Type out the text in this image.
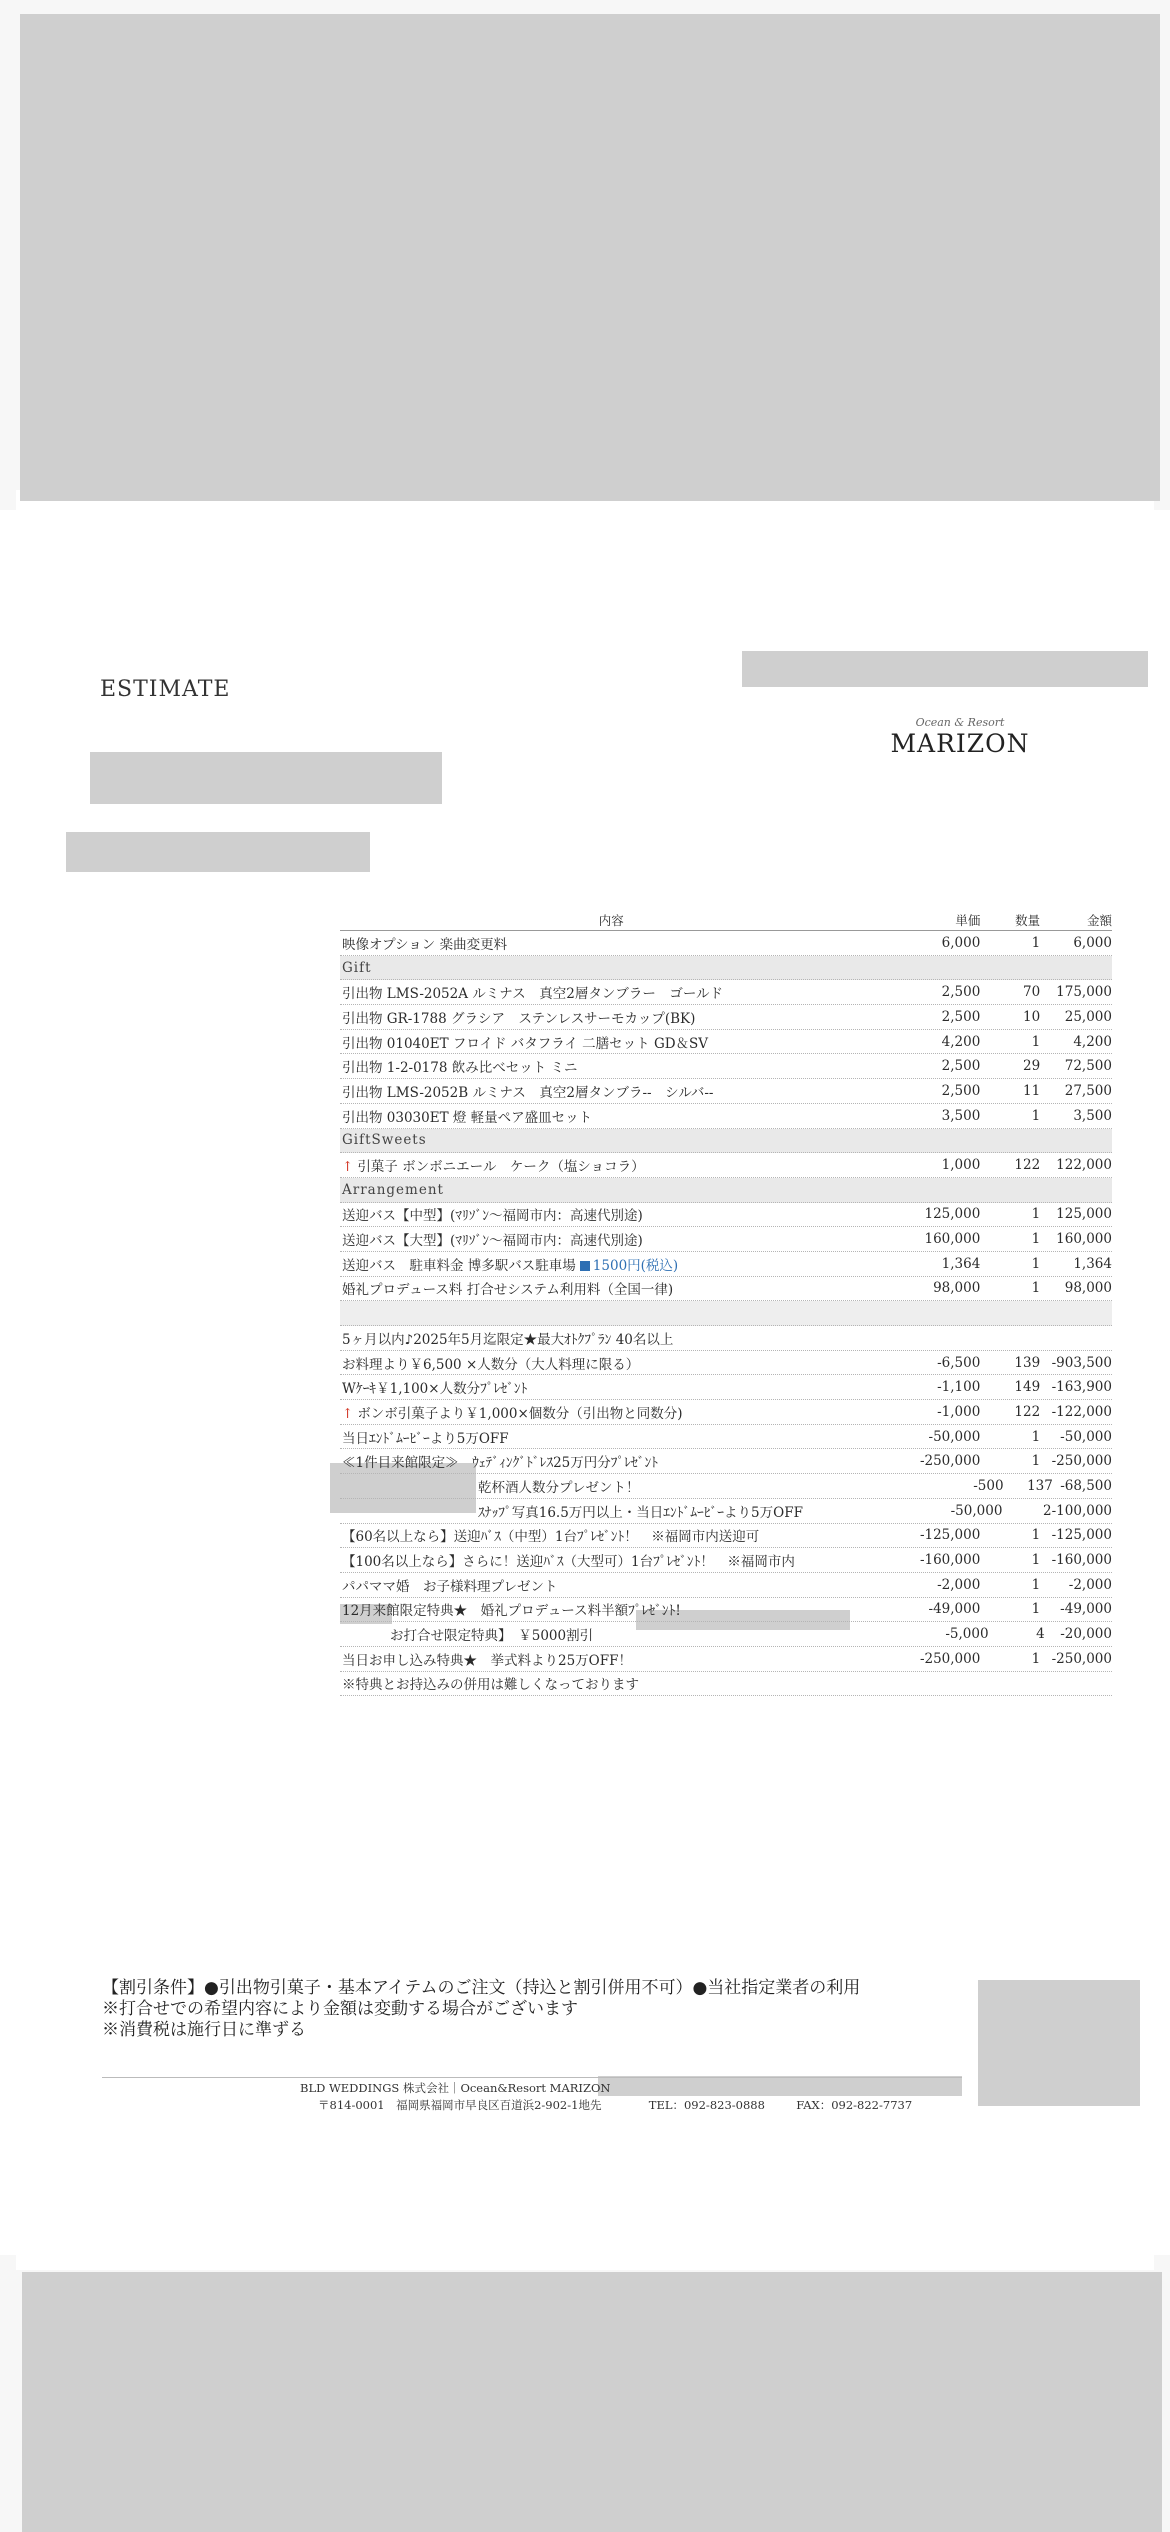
ESTIMATE
Ocean & Resort
MARIZON
内容	単価	数量	金額
映像オプション 楽曲変更料	6,000	1	6,000
Gift
引出物 LMS-2052A ルミナス　真空2層タンブラー　ゴールド	2,500	70	175,000
引出物 GR-1788 グラシア　ステンレスサーモカップ(BK)	2,500	10	25,000
引出物 01040ET フロイド バタフライ 二膳セット GD＆SV	4,200	1	4,200
引出物 1-2-0178 飲み比べセット ミニ	2,500	29	72,500
引出物 LMS-2052B ルミナス　真空2層タンブラ--　シルバ--	2,500	11	27,500
引出物 03030ET 燈 軽量ペア盛皿セット	3,500	1	3,500
GiftSweets
↑ 引菓子 ボンボニエール　ケーク（塩ショコラ）	1,000	122	122,000
Arrangement
送迎バス【中型】(ﾏﾘｿﾞﾝ～福岡市内：高速代別途)	125,000	1	125,000
送迎バス【大型】(ﾏﾘｿﾞﾝ～福岡市内：高速代別途)	160,000	1	160,000
送迎バス　駐車料金 博多駅バス駐車場 1500円(税込)	1,364	1	1,364
婚礼プロデュース料 打合せシステム利用料（全国一律)	98,000	1	98,000
5ヶ月以内♪2025年5月迄限定★最大ｵﾄｸﾌﾟﾗﾝ 40名以上
お料理より￥6,500 ×人数分（大人料理に限る）	-6,500	139 -903,500
Wｹｰｷ￥1,100×人数分ﾌﾟﾚｾﾞﾝﾄ	-1,100	149 -163,900
↑ ボンボ引菓子より￥1,000×個数分（引出物と同数分)	-1,000	122 -122,000
当日ｴﾝﾄﾞﾑｰﾋﾞｰより5万OFF	-50,000	1	-50,000
≪1件目来館限定≫　ｳｪﾃﾞｨﾝｸﾞﾄﾞﾚｽ25万円分ﾌﾟﾚｾﾞﾝﾄ	-250,000	1 -250,000
乾杯酒人数分プレゼント！	-500	137 -68,500
ｽﾅｯﾌﾟ写真16.5万円以上・当日ｴﾝﾄﾞﾑｰﾋﾞｰより5万OFF	-50,000	2 -100,000
【60名以上なら】送迎ﾊﾞｽ（中型）1台ﾌﾟﾚｾﾞﾝﾄ！　※福岡市内送迎可	-125,000	1 -125,000
【100名以上なら】さらに！送迎ﾊﾞｽ（大型可）1台ﾌﾟﾚｾﾞﾝﾄ！　※福岡市内	-160,000	1 -160,000
パパママ婚　お子様料理プレゼント	-2,000	1	-2,000
12月来館限定特典★　婚礼プロデュース料半額ﾌﾟﾚｾﾞﾝﾄ!	-49,000	1	-49,000
お打合せ限定特典】　￥5000割引	-5,000	4	-20,000
当日お申し込み特典★　挙式料より25万OFF！	-250,000	1 -250,000
※特典とお持込みの併用は難しくなっております
【割引条件】●引出物引菓子・基本アイテムのご注文（持込と割引併用不可）●当社指定業者の利用
※打合せでの希望内容により金額は変動する場合がございます
※消費税は施行日に準ずる
BLD WEDDINGS 株式会社｜Ocean&Resort MARIZON
〒814-0001　福岡県福岡市早良区百道浜2-902-1地先	TEL：092-823-0888	FAX：092-822-7737
